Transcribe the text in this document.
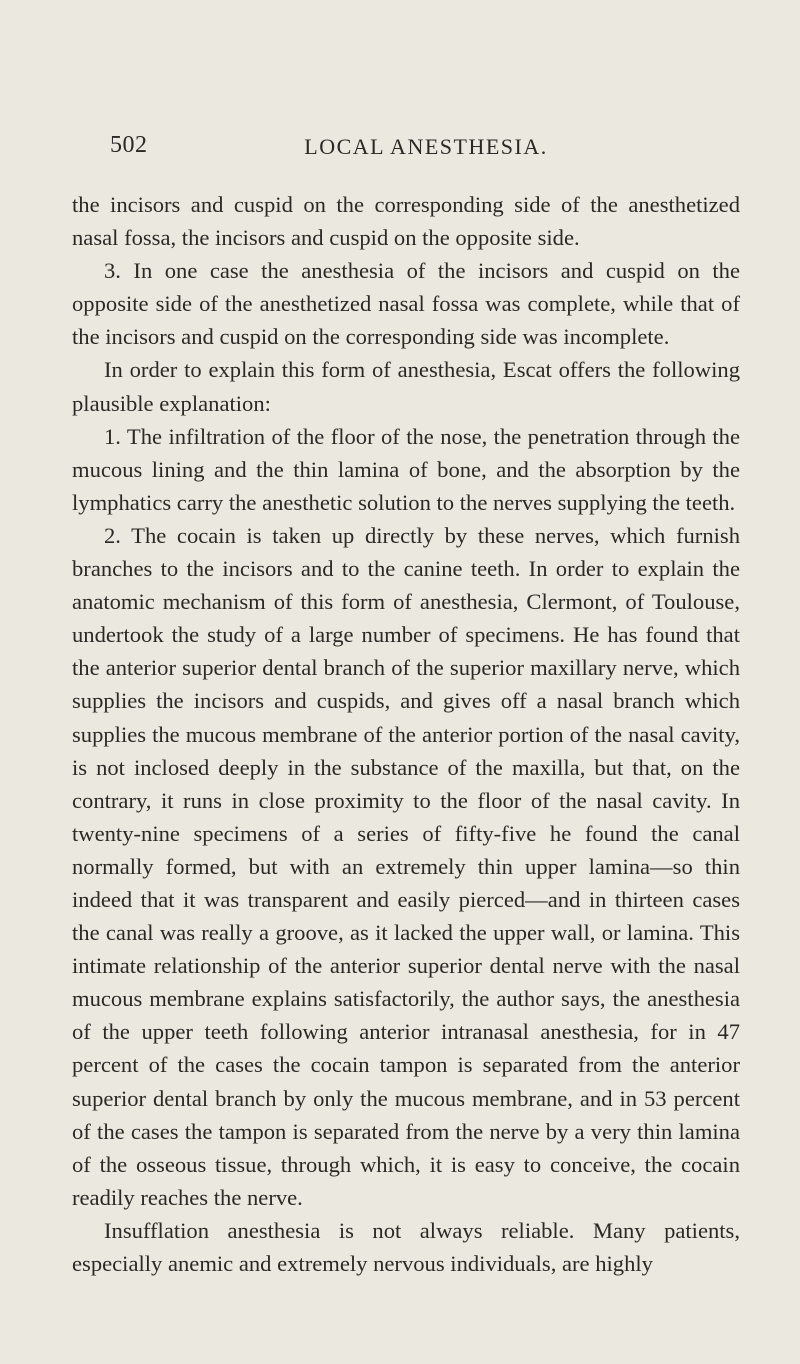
502	LOCAL ANESTHESIA.

the incisors and cuspid on the corresponding side of the anesthetized nasal fossa, the incisors and cuspid on the opposite side.

3. In one case the anesthesia of the incisors and cuspid on the opposite side of the anesthetized nasal fossa was complete, while that of the incisors and cuspid on the corresponding side was incomplete.

In order to explain this form of anesthesia, Escat offers the following plausible explanation:

1. The infiltration of the floor of the nose, the penetration through the mucous lining and the thin lamina of bone, and the absorption by the lymphatics carry the anesthetic solution to the nerves supplying the teeth.

2. The cocain is taken up directly by these nerves, which furnish branches to the incisors and to the canine teeth. In order to explain the anatomic mechanism of this form of anesthesia, Clermont, of Toulouse, undertook the study of a large number of specimens. He has found that the anterior superior dental branch of the superior maxillary nerve, which supplies the incisors and cuspids, and gives off a nasal branch which supplies the mucous membrane of the anterior portion of the nasal cavity, is not inclosed deeply in the substance of the maxilla, but that, on the contrary, it runs in close proximity to the floor of the nasal cavity. In twenty-nine specimens of a series of fifty-five he found the canal normally formed, but with an extremely thin upper lamina—so thin indeed that it was transparent and easily pierced—and in thirteen cases the canal was really a groove, as it lacked the upper wall, or lamina. This intimate relationship of the anterior superior dental nerve with the nasal mucous membrane explains satisfactorily, the author says, the anesthesia of the upper teeth following anterior intranasal anesthesia, for in 47 percent of the cases the cocain tampon is separated from the anterior superior dental branch by only the mucous membrane, and in 53 percent of the cases the tampon is separated from the nerve by a very thin lamina of the osseous tissue, through which, it is easy to conceive, the cocain readily reaches the nerve.

Insufflation anesthesia is not always reliable. Many patients, especially anemic and extremely nervous individuals, are highly
